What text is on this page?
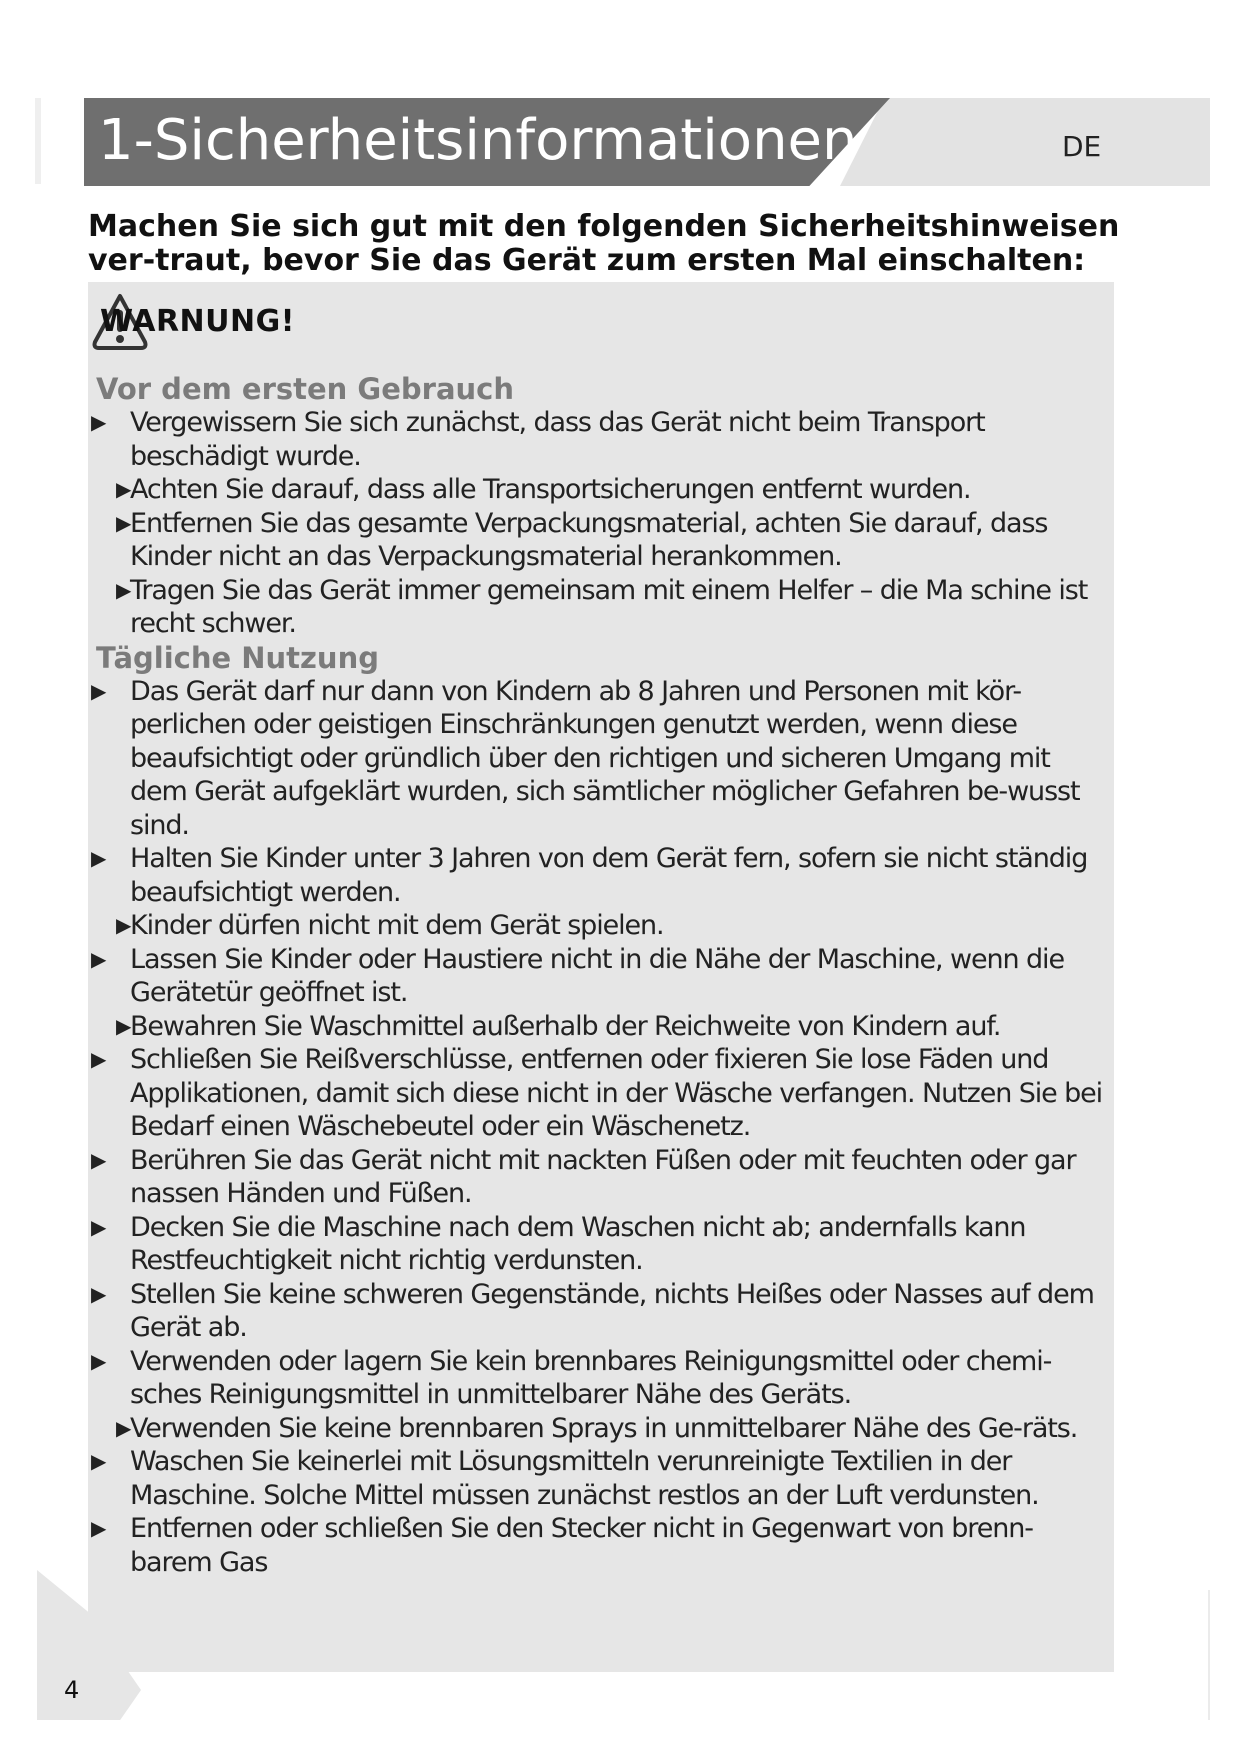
1-Sicherheitsinformationen	DE
Machen Sie sich gut mit den folgenden Sicherheitshinweisen ver-traut, bevor Sie das Gerät zum ersten Mal einschalten:
WARNUNG!
Vor dem ersten Gebrauch
▶ Vergewissern Sie sich zunächst, dass das Gerät nicht beim Transport beschädigt wurde.
▶ Achten Sie darauf, dass alle Transportsicherungen entfernt wurden.
▶ Entfernen Sie das gesamte Verpackungsmaterial, achten Sie darauf, dass Kinder nicht an das Verpackungsmaterial herankommen.
▶ Tragen Sie das Gerät immer gemeinsam mit einem Helfer – die Ma schine ist recht schwer.
Tägliche Nutzung
▶ Das Gerät darf nur dann von Kindern ab 8 Jahren und Personen mit kör-perlichen oder geistigen Einschränkungen genutzt werden, wenn diese beaufsichtigt oder gründlich über den richtigen und sicheren Umgang mit dem Gerät aufgeklärt wurden, sich sämtlicher möglicher Gefahren be-wusst sind.
▶ Halten Sie Kinder unter 3 Jahren von dem Gerät fern, sofern sie nicht ständig beaufsichtigt werden.
▶ Kinder dürfen nicht mit dem Gerät spielen.
▶ Lassen Sie Kinder oder Haustiere nicht in die Nähe der Maschine, wenn die Gerätetür geöffnet ist.
▶ Bewahren Sie Waschmittel außerhalb der Reichweite von Kindern auf.
▶ Schließen Sie Reißverschlüsse, entfernen oder fixieren Sie lose Fäden und Applikationen, damit sich diese nicht in der Wäsche verfangen. Nutzen Sie bei Bedarf einen Wäschebeutel oder ein Wäschenetz.
▶ Berühren Sie das Gerät nicht mit nackten Füßen oder mit feuchten oder gar nassen Händen und Füßen.
▶ Decken Sie die Maschine nach dem Waschen nicht ab; andernfalls kann Restfeuchtigkeit nicht richtig verdunsten.
▶ Stellen Sie keine schweren Gegenstände, nichts Heißes oder Nasses auf dem Gerät ab.
▶ Verwenden oder lagern Sie kein brennbares Reinigungsmittel oder chemi-sches Reinigungsmittel in unmittelbarer Nähe des Geräts.
▶ Verwenden Sie keine brennbaren Sprays in unmittelbarer Nähe des Ge-räts.
▶ Waschen Sie keinerlei mit Lösungsmitteln verunreinigte Textilien in der Maschine. Solche Mittel müssen zunächst restlos an der Luft verdunsten.
▶ Entfernen oder schließen Sie den Stecker nicht in Gegenwart von brenn-barem Gas
4
